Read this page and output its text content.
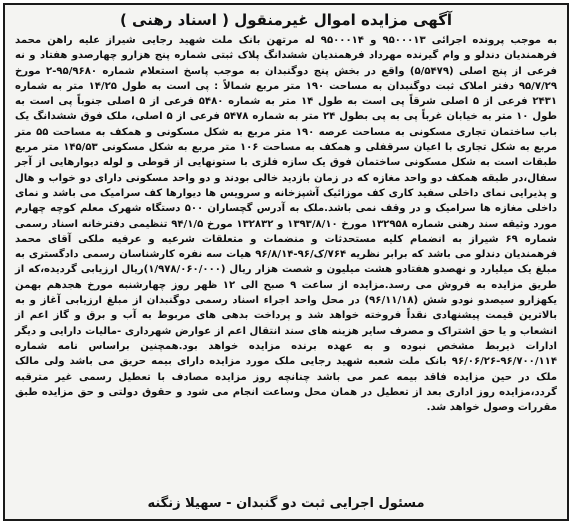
آگهی مزایده اموال غیرمنقول ( اسناد رهنی )

به موجب پرونده اجرائی ۹۵۰۰۰۱۳ و ۹۵۰۰۰۱۴ له مرتهن بانک ملت شهید رجایی شیراز علیه راهن محمد فرهمندیان دندلو و وام گیرنده مهرداد فرهمندیان ششدانگ پلاک ثبتی شماره پنج هزارو چهارصدو هفتاد و نه فرعی از پنج اصلی (۵/۵۴۷۹) واقع در بخش پنج دوگنبدان به موجب پاسخ استعلام شماره ۹۵/۹۶۸۰-۲ مورخ ۹۵/۷/۲۹ دفتر املاک ثبت دوگنبدان به مساحت ۱۹۰ متر مربع شمالاً : پی است به طول ۱۴/۲۵ متر به شماره ۲۴۳۱ فرعی از ۵ اصلی شرقاً پی است به طول ۱۴ متر به شماره ۵۴۸۰ فرعی از ۵ اصلی جنوباً پی است به طول ۱۰ متر به خیابان غرباً پی به پی بطول ۲۴ متر به شماره ۵۴۷۸ فرعی از ۵ اصلی، ملک فوق ششدانگ یک باب ساختمان تجاری مسکونی به مساحت عرصه ۱۹۰ متر مربع به شکل مسکونی و همکف به مساحت ۵۵ متر مربع به شکل تجاری با اعیان سرقفلی و همکف به مساحت ۱۰۶ متر مربع به شکل مسکونی ۱۴۵/۵۳ متر مربع طبقات است به شکل مسکونی ساختمان فوق یک سازه فلزی با ستونهایی از قوطی و لوله دیوارهایی از آجر سفال،در طبقه همکف دو واحد مغازه که در زمان بازدید خالی بودند و دو واحد مسکونی دارای دو خواب و هال و پذیرایی نمای داخلی سفید کاری کف موزائیک آشپزخانه و سرویس ها دیوارها کف سرامیک می باشد و نمای داخلی مغازه ها سرامیک و در وقف نمی باشد.ملک به آدرس گچساران ۵۰۰ دستگاه شهرک معلم کوچه چهارم مورد وثیقه سند رهنی شماره ۱۳۲۹۵۸ مورخ ۱۳۹۳/۸/۱۰ و ۱۳۲۸۳۲ مورخ ۹۴/۱/۵ تنظیمی دفترخانه اسناد رسمی شماره ۶۹ شیراز به انضمام کلیه مستحدثات و منضمات و متعلقات شرعیه و عرفیه ملکی آقای محمد فرهمندیان دندلو می باشد که برابر نظریه ۷۶۴/ک/۹۶-۹۶/۸/۱۴ هیات سه نفره کارشناسان رسمی دادگستری به مبلغ یک میلیارد و نهصدو هفتادو هشت میلیون و شصت هزار ریال (۱/۹۷۸/۰۶۰/۰۰۰)ریال ارزیابی گردیده،که از طریق مزایده به فروش می رسد.مزایده از ساعت ۹ صبح الی ۱۲ ظهر روز چهارشنبه مورخ هجدهم بهمن یکهزارو سیصدو نودو شش (۹۶/۱۱/۱۸) در محل واحد اجراء اسناد رسمی دوگنبدان از مبلغ ارزیابی آغاز و به بالاترین قیمت پیشنهادی نقداً فروخته خواهد شد و پرداخت بدهی های مربوط به آب و برق و گاز اعم از انشعاب و یا حق اشتراک و مصرف سایر هزینه های سند انتقال اعم از عوارض شهرداری -مالیات دارایی و دیگر ادارات ذیربط مشخص نبوده و به عهده برنده مزایده خواهد بود.همچنین براساس نامه شماره ۹۶/۷۰۰/۱۱۴-۹۶/۰۶/۲۶ بانک ملت شعبه شهید رجایی ملک مورد مزایده دارای بیمه حریق می باشد ولی مالک ملک در حین مزایده فاقد بیمه عمر می باشد چنانچه روز مزایده مصادف با تعطیل رسمی غیر مترقبه گردد،مزایده روز اداری بعد از تعطیل در همان محل وساعت انجام می شود و حقوق دولتی و حق مزایده طبق مقررات وصول خواهد شد.

مسئول اجرایی ثبت دو گنبدان - سهیلا زنگنه
